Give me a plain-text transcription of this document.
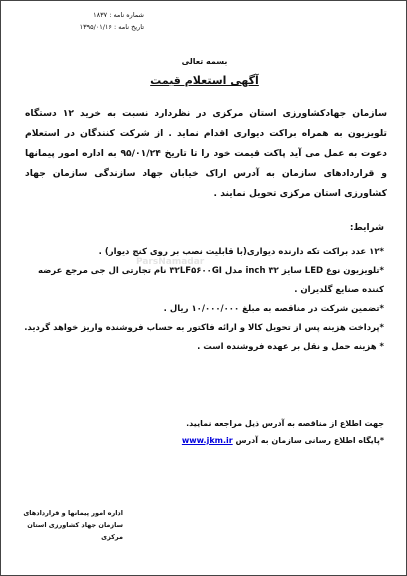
شماره نامه : ۱۸۳۷
تاریخ نامه : ۱۳۹۵/۰۱/۱۶
بسمه تعالی
آگهی استعلام قیمت
سازمان جهادکشاورزی استان مرکزی در نظردارد نسبت به خرید ۱۲ دستگاه تلویزیون به همراه براکت دیواری اقدام نماید . از شرکت کنندگان در استعلام دعوت به عمل می آید پاکت قیمت خود را تا تاریخ ۹۵/۰۱/۲۴ به اداره امور پیمانها و قراردادهای سازمان به آدرس اراک خیابان جهاد سازندگی سازمان جهاد کشاورزی استان مرکزی تحویل نمایند .
ParsNamadar
شرایط:
*۱۲ عدد براکت تکه دارنده دیواری(با قابلیت نصب بر روی کنج دیوار) .
*تلویزیون نوع LED سایز inch ۳۲ مدل ۳۲LF۵۶۰۰GI نام تجارتی ال جی مرجع عرضه کننده صنایع گلدیران .
*تضمین شرکت در مناقصه به مبلغ ۱۰/۰۰۰/۰۰۰ ریال .
*پرداخت هزینه پس از تحویل کالا و ارائه فاکتور به حساب فروشنده واریز خواهد گردید.
* هزینه حمل و نقل بر عهده فروشنده است .
جهت اطلاع از مناقصه به آدرس ذیل مراجعه نمایید.
*پایگاه اطلاع رسانی سازمان به آدرس www.jkm.ir
اداره امور پیمانها و قراردادهای
سازمان جهاد کشاورزی استان مرکزی
